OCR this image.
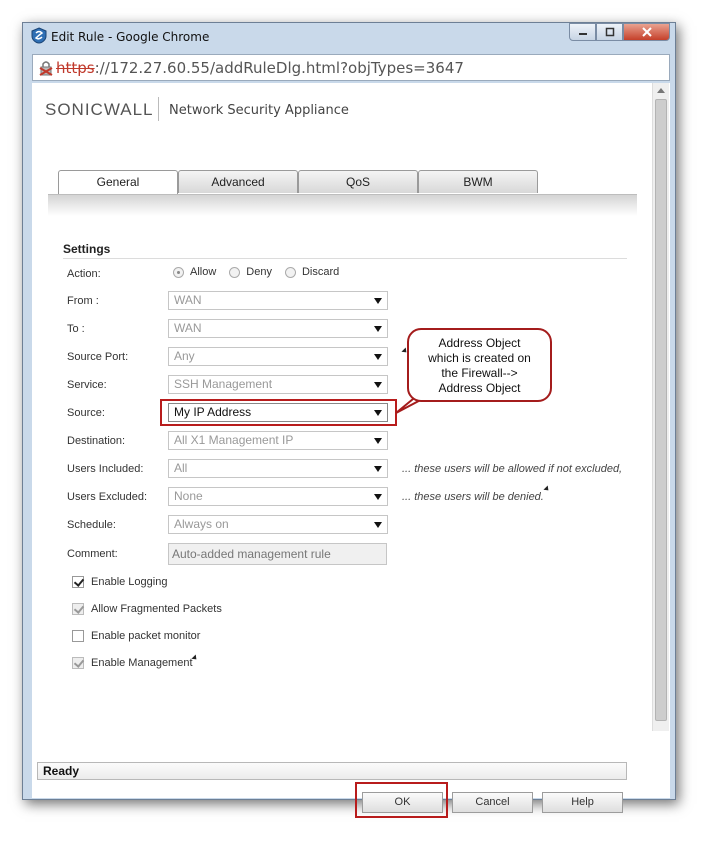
Edit Rule - Google Chrome
https://172.27.60.55/addRuleDlg.html?objTypes=3647
SONICWALL Network Security Appliance
General	Advanced	QoS	BWM
Settings
Action:	Allow	Deny	Discard
From :	WAN
To :	WAN
Source Port:	Any
Service:	SSH Management
Source:	My IP Address
Address Object
which is created on
the Firewall-->
Address Object
Destination:	All X1 Management IP
Users Included:	All	... these users will be allowed if not excluded,
Users Excluded:	None	... these users will be denied.
Schedule:	Always on
Comment:	Auto-added management rule
Enable Logging
Allow Fragmented Packets
Enable packet monitor
Enable Management
Ready
OK	Cancel	Help
